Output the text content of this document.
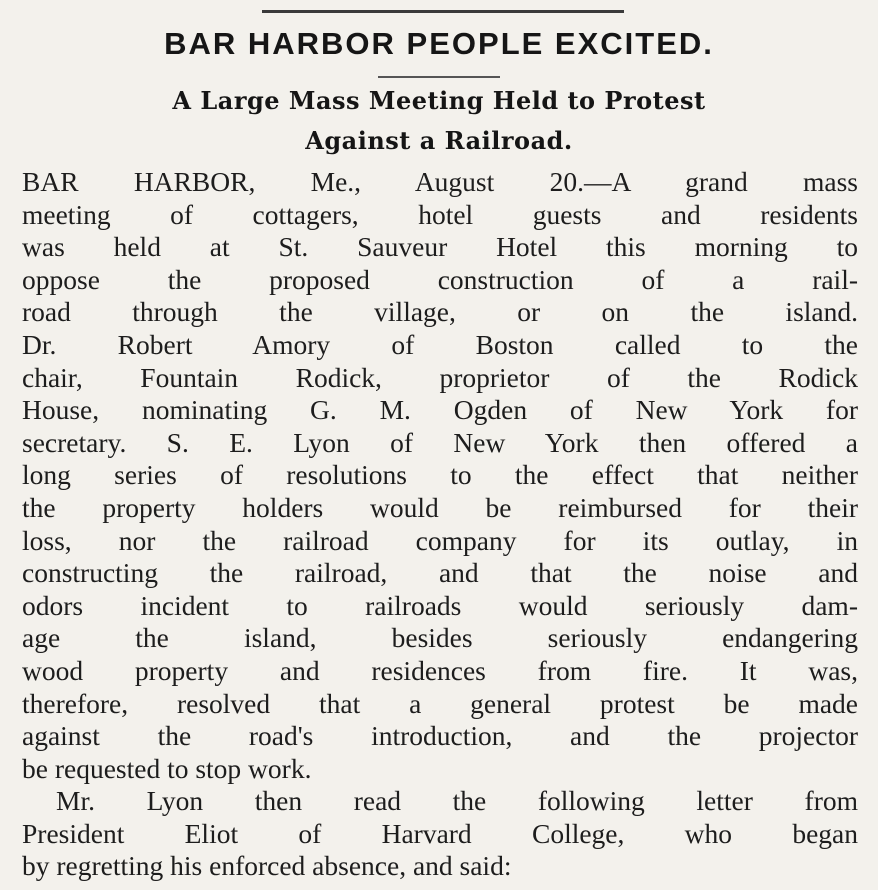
BAR HARBOR PEOPLE EXCITED.
A Large Mass Meeting Held to Protest
Against a Railroad.
BAR HARBOR, Me., August 20.—A grand mass
meeting of cottagers, hotel guests and residents
was held at St. Sauveur Hotel this morning to
oppose the proposed construction of a rail-
road through the village, or on the island.
Dr. Robert Amory of Boston called to the
chair, Fountain Rodick, proprietor of the Rodick
House, nominating G. M. Ogden of New York for
secretary. S. E. Lyon of New York then offered a
long series of resolutions to the effect that neither
the property holders would be reimbursed for their
loss, nor the railroad company for its outlay, in
constructing the railroad, and that the noise and
odors incident to railroads would seriously dam-
age the island, besides seriously endangering
wood property and residences from fire. It was,
therefore, resolved that a general protest be made
against the road's introduction, and the projector
be requested to stop work.
Mr. Lyon then read the following letter from
President Eliot of Harvard College, who began
by regretting his enforced absence, and said:
